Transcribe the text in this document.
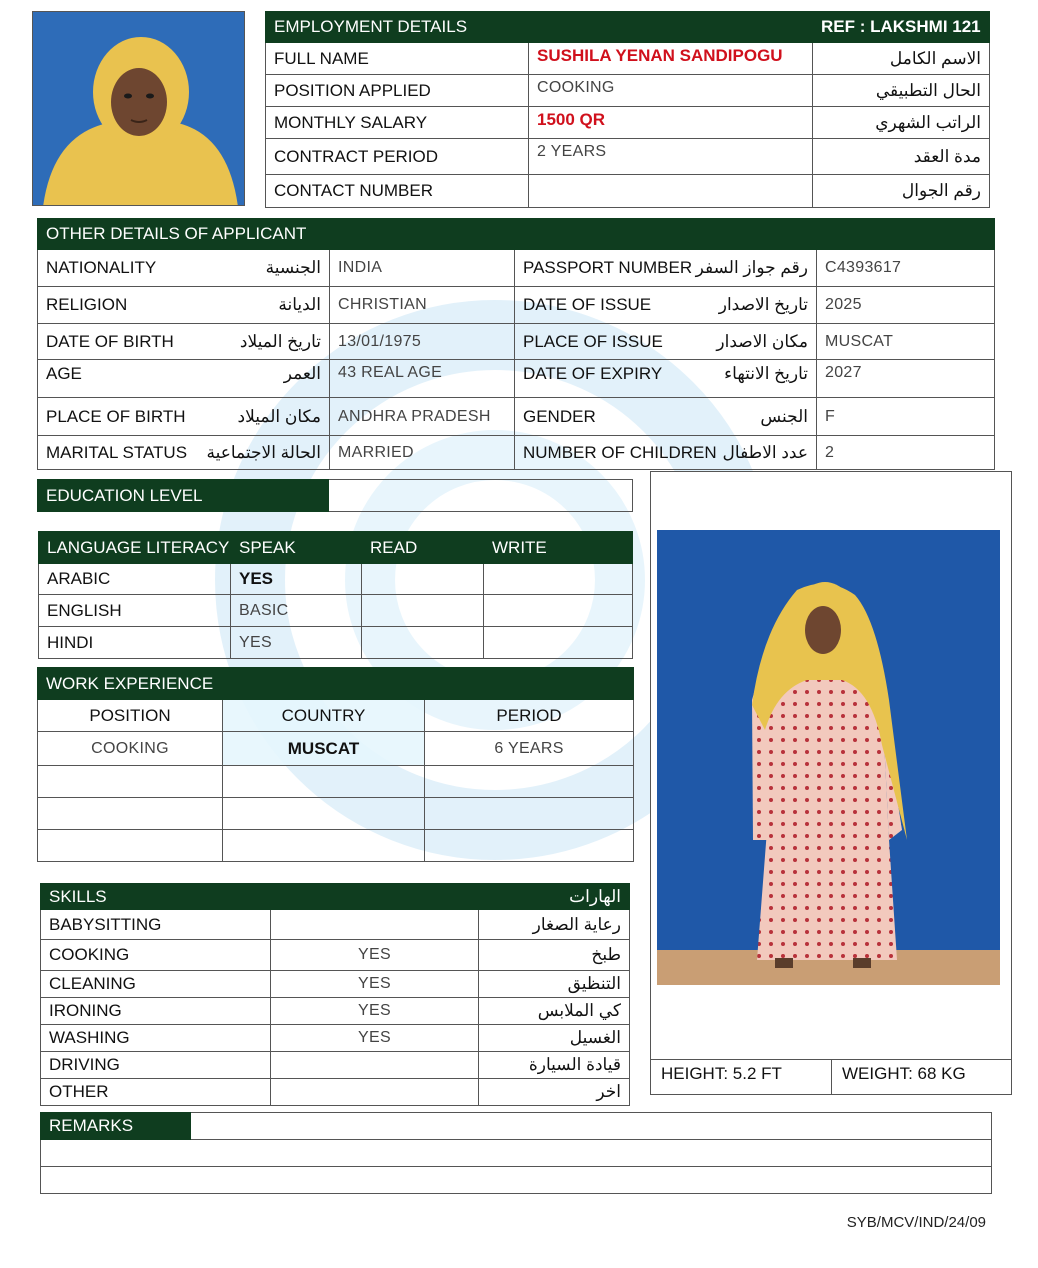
EMPLOYMENT DETAILS		REF : LAKSHMI 121
FULL NAME	SUSHILA YENAN SANDIPOGU	الاسم الكامل
POSITION APPLIED	COOKING	الحال التطبيقي
MONTHLY SALARY	1500 QR	الراتب الشهري
CONTRACT PERIOD	2 YEARS	مدة العقد
CONTACT NUMBER		رقم الجوال
OTHER DETAILS OF APPLICANT			

NATIONALITY الجنسية	INDIA	PASSPORT NUMBER رقم جواز السفر	C4393617

RELIGION الديانة	CHRISTIAN	DATE OF ISSUE تاريخ الاصدار	2025

DATE OF BIRTH تاريخ الميلاد	13/01/1975	PLACE OF ISSUE مكان الاصدار	MUSCAT

AGE العمر	43 REAL AGE	DATE OF EXPIRY تاريخ الانتهاء	2027

PLACE OF BIRTH مكان الميلاد	ANDHRA PRADESH	GENDER الجنس	F

MARITAL STATUS الحالة الاجتماعية	MARRIED	NUMBER OF CHILDREN عدد الاطفال	2
EDUCATION LEVEL	
LANGUAGE LITERACY	SPEAK	READ	WRITE
ARABIC	YES		
ENGLISH	BASIC		
HINDI	YES		
WORK EXPERIENCE		
POSITION	COUNTRY	PERIOD
COOKING	MUSCAT	6 YEARS

SKILLS		الهارات
BABYSITTING		رعاية الصغار
COOKING	YES	طبخ
CLEANING	YES	التنظيق
IRONING	YES	كي الملابس
WASHING	YES	الغسيل
DRIVING		قيادة السيارة
OTHER		اخر
HEIGHT: 5.2 FT	WEIGHT: 68 KG
REMARKS	

SYB/MCV/IND/24/09
